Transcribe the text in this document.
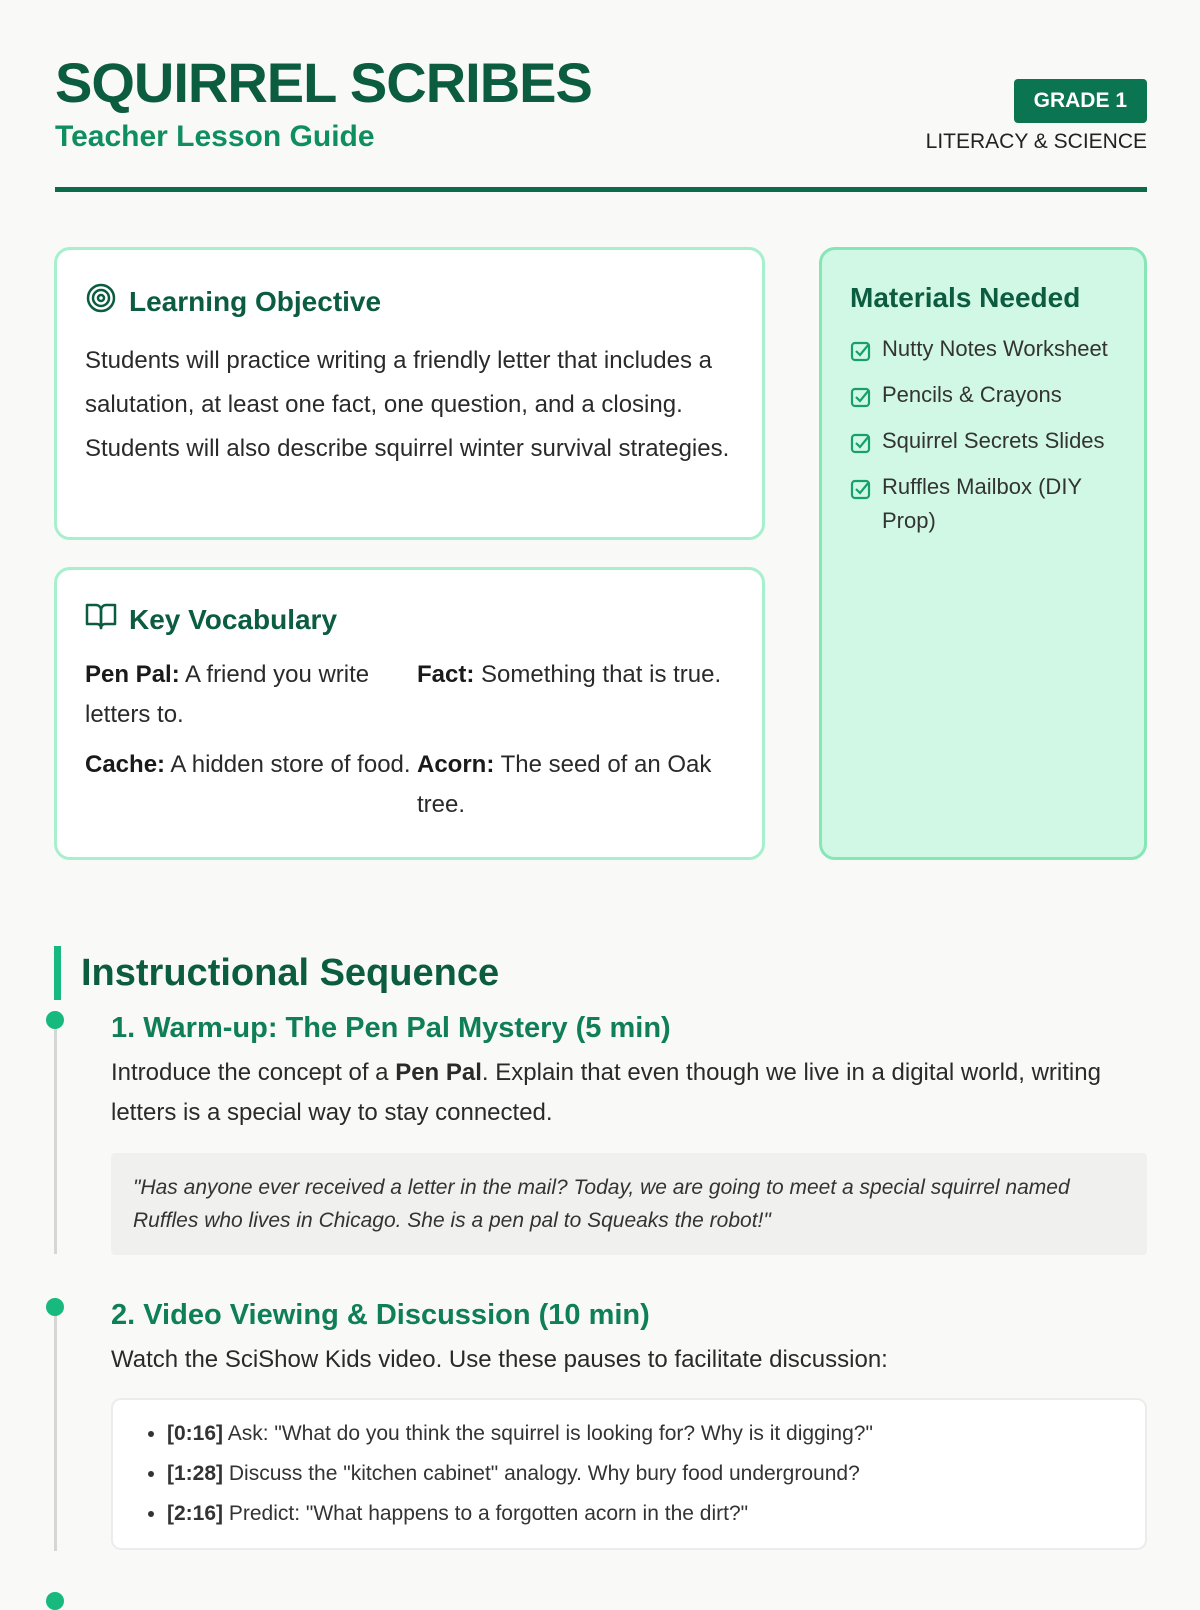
SQUIRREL SCRIBES
Teacher Lesson Guide
GRADE 1
LITERACY & SCIENCE
Learning Objective

Students will practice writing a friendly letter that includes a salutation, at least one fact, one question, and a closing. Students will also describe squirrel winter survival strategies.

Key Vocabulary
Pen Pal: A friend you write letters to.
Fact: Something that is true.
Cache: A hidden store of food. Acorn: The seed of an Oak tree.
Materials Needed
Nutty Notes Worksheet
Pencils & Crayons
Squirrel Secrets Slides
Ruffles Mailbox (DIY Prop)
Instructional Sequence
1. Warm-up: The Pen Pal Mystery (5 min)

Introduce the concept of a Pen Pal. Explain that even though we live in a digital world, writing letters is a special way to stay connected.

"Has anyone ever received a letter in the mail? Today, we are going to meet a special squirrel named Ruffles who lives in Chicago. She is a pen pal to Squeaks the robot!"
2. Video Viewing & Discussion (10 min)

Watch the SciShow Kids video. Use these pauses to facilitate discussion:

• [0:16] Ask: "What do you think the squirrel is looking for? Why is it digging?"
• [1:28] Discuss the "kitchen cabinet" analogy. Why bury food underground?
• [2:16] Predict: "What happens to a forgotten acorn in the dirt?"
